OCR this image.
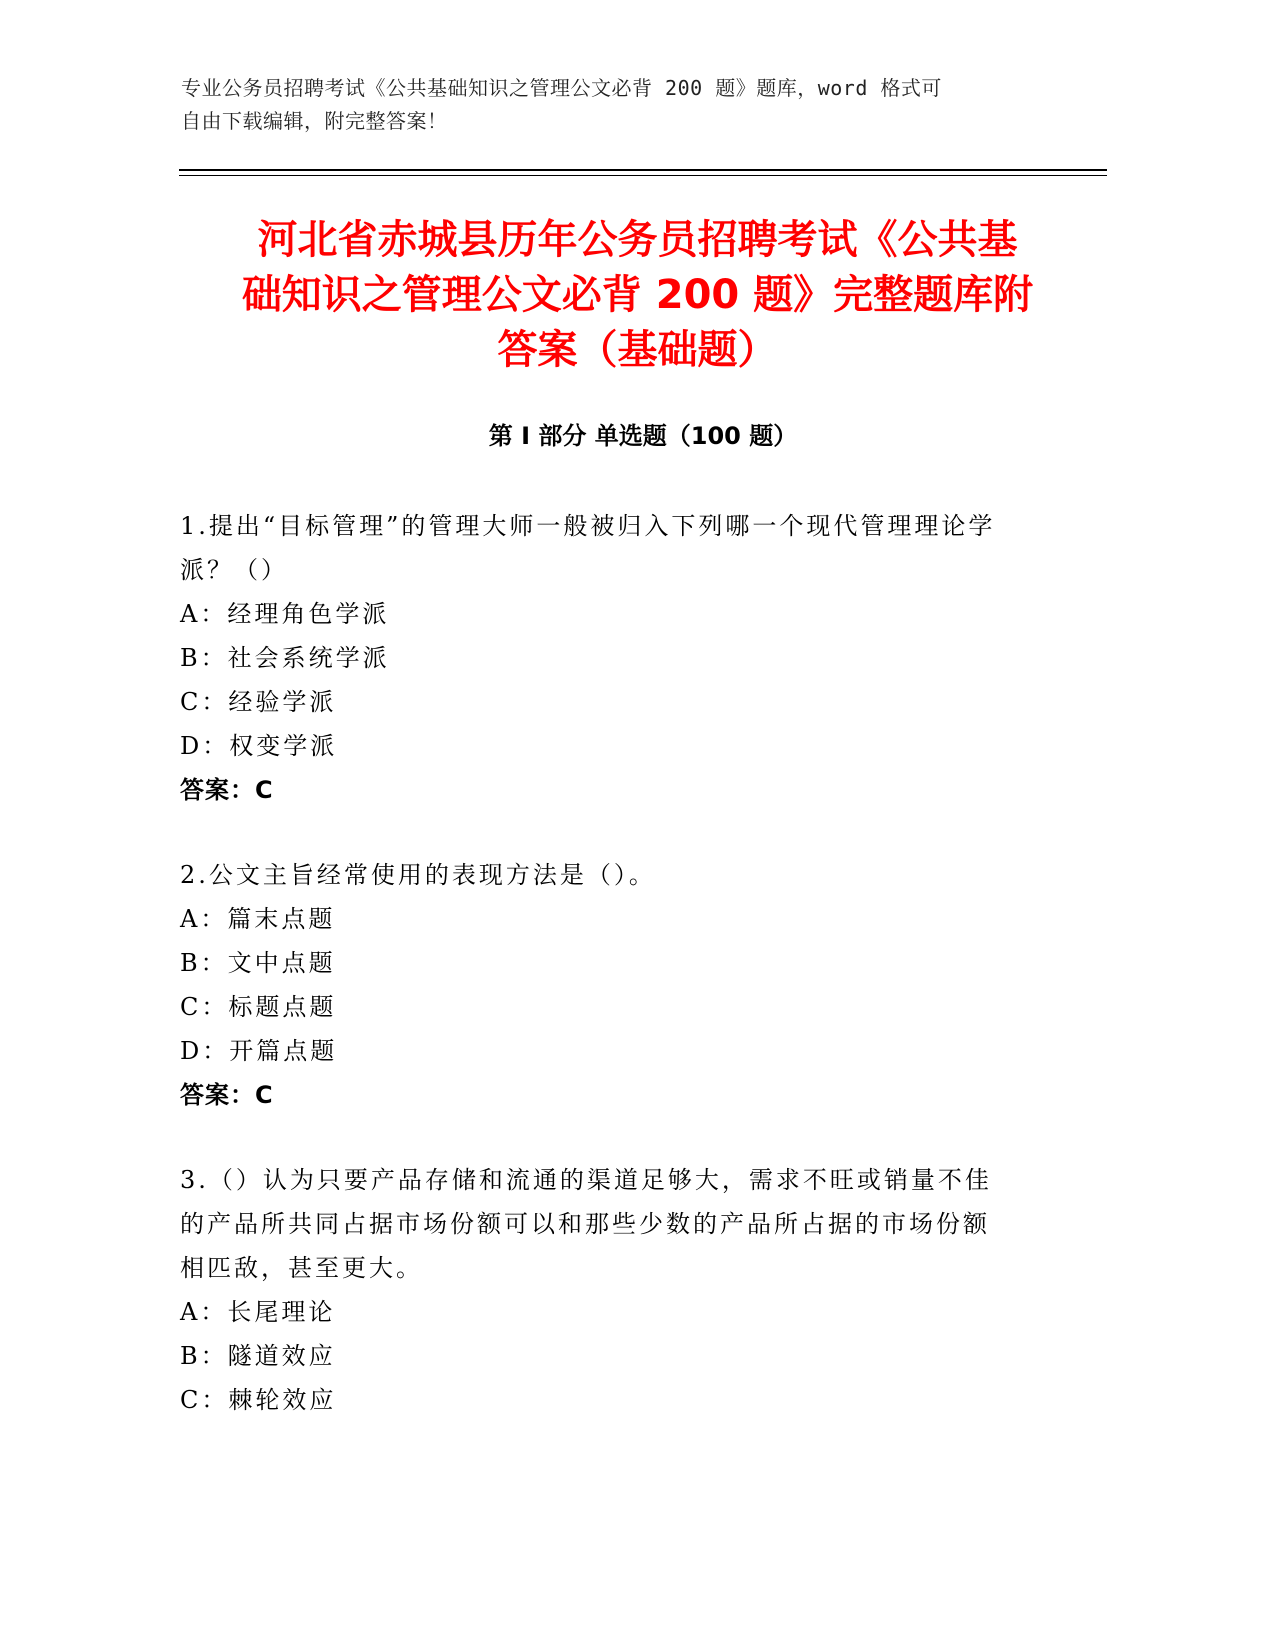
专业公务员招聘考试《公共基础知识之管理公文必背 200 题》题库，word 格式可
自由下载编辑，附完整答案！
河北省赤城县历年公务员招聘考试《公共基
础知识之管理公文必背 200 题》完整题库附
答案（基础题）
第 I 部分 单选题（100 题）

1.提出“目标管理”的管理大师一般被归入下列哪一个现代管理理论学派？（）

A：经理角色学派

B：社会系统学派

C：经验学派

D：权变学派

答案：C

2.公文主旨经常使用的表现方法是（）。

A：篇末点题

B：文中点题

C：标题点题

D：开篇点题

答案：C

3.（）认为只要产品存储和流通的渠道足够大，需求不旺或销量不佳的产品所共同占据市场份额可以和那些少数的产品所占据的市场份额相匹敌，甚至更大。

A：长尾理论

B：隧道效应

C：棘轮效应
